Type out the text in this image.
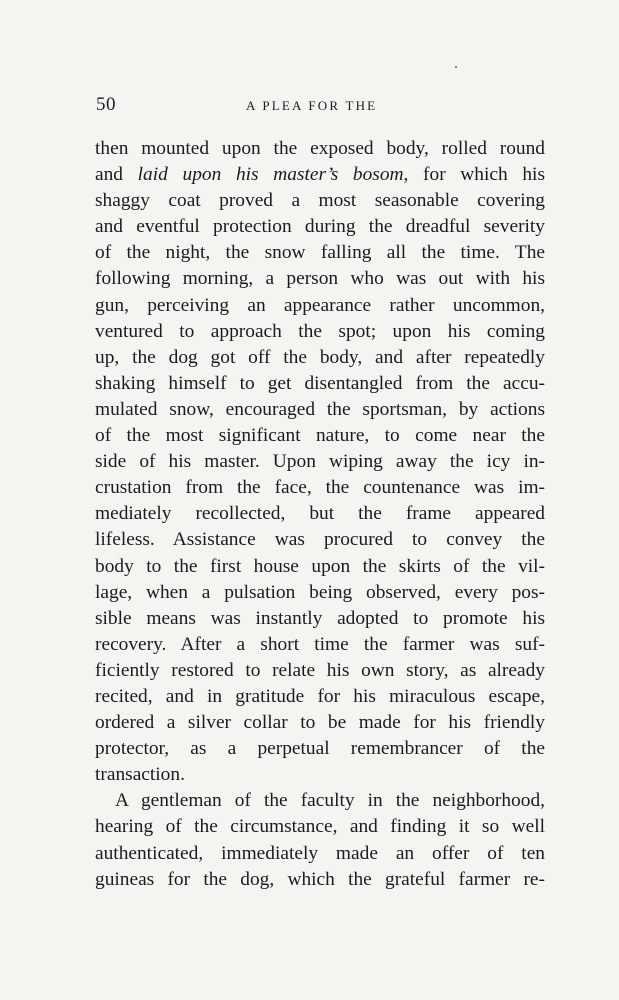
50	A PLEA FOR THE
then mounted upon the exposed body, rolled round
and laid upon his master’s bosom, for which his
shaggy coat proved a most seasonable covering
and eventful protection during the dreadful severity
of the night, the snow falling all the time. The
following morning, a person who was out with his
gun, perceiving an appearance rather uncommon,
ventured to approach the spot; upon his coming
up, the dog got off the body, and after repeatedly
shaking himself to get disentangled from the accu-
mulated snow, encouraged the sportsman, by actions
of the most significant nature, to come near the
side of his master. Upon wiping away the icy in-
crustation from the face, the countenance was im-
mediately recollected, but the frame appeared
lifeless. Assistance was procured to convey the
body to the first house upon the skirts of the vil-
lage, when a pulsation being observed, every pos-
sible means was instantly adopted to promote his
recovery. After a short time the farmer was suf-
ficiently restored to relate his own story, as already
recited, and in gratitude for his miraculous escape,
ordered a silver collar to be made for his friendly
protector, as a perpetual remembrancer of the
transaction.
A gentleman of the faculty in the neighborhood,
hearing of the circumstance, and finding it so well
authenticated, immediately made an offer of ten
guineas for the dog, which the grateful farmer re-
